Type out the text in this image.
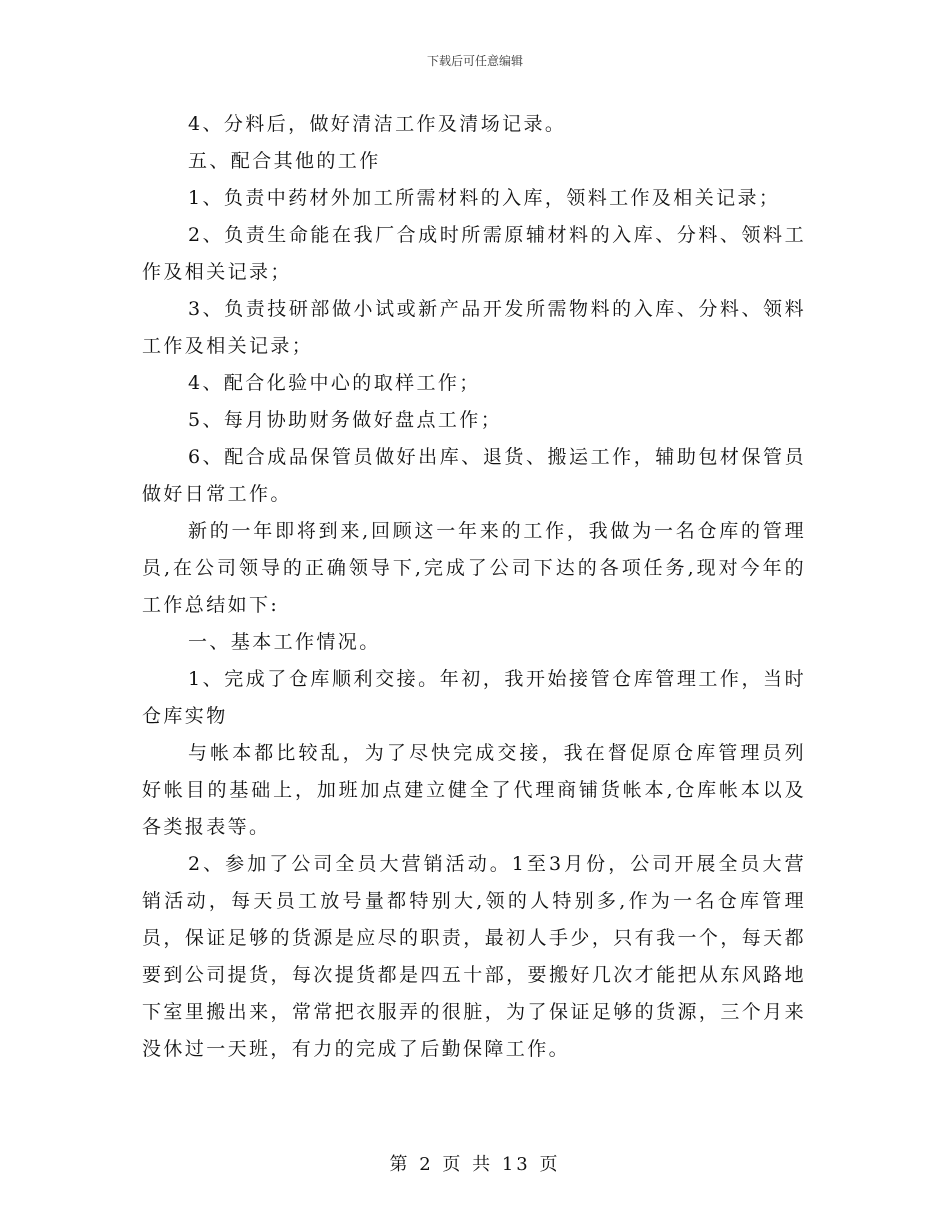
下载后可任意编辑

4、分料后，做好清洁工作及清场记录。

五、配合其他的工作

1、负责中药材外加工所需材料的入库，领料工作及相关记录；

2、负责生命能在我厂合成时所需原辅材料的入库、分料、领料工作及相关记录；

3、负责技研部做小试或新产品开发所需物料的入库、分料、领料工作及相关记录；

4、配合化验中心的取样工作；

5、每月协助财务做好盘点工作；

6、配合成品保管员做好出库、退货、搬运工作，辅助包材保管员做好日常工作。

新的一年即将到来,回顾这一年来的工作，我做为一名仓库的管理员,在公司领导的正确领导下,完成了公司下达的各项任务,现对今年的工作总结如下:

一、基本工作情况。

1、完成了仓库顺利交接。年初，我开始接管仓库管理工作，当时仓库实物

与帐本都比较乱，为了尽快完成交接，我在督促原仓库管理员列好帐目的基础上，加班加点建立健全了代理商铺货帐本,仓库帐本以及各类报表等。

2、参加了公司全员大营销活动。1至3月份，公司开展全员大营销活动，每天员工放号量都特别大,领的人特别多,作为一名仓库管理员，保证足够的货源是应尽的职责，最初人手少，只有我一个，每天都要到公司提货，每次提货都是四五十部，要搬好几次才能把从东风路地下室里搬出来，常常把衣服弄的很脏，为了保证足够的货源，三个月来没休过一天班，有力的完成了后勤保障工作。

第 2 页 共 13 页
